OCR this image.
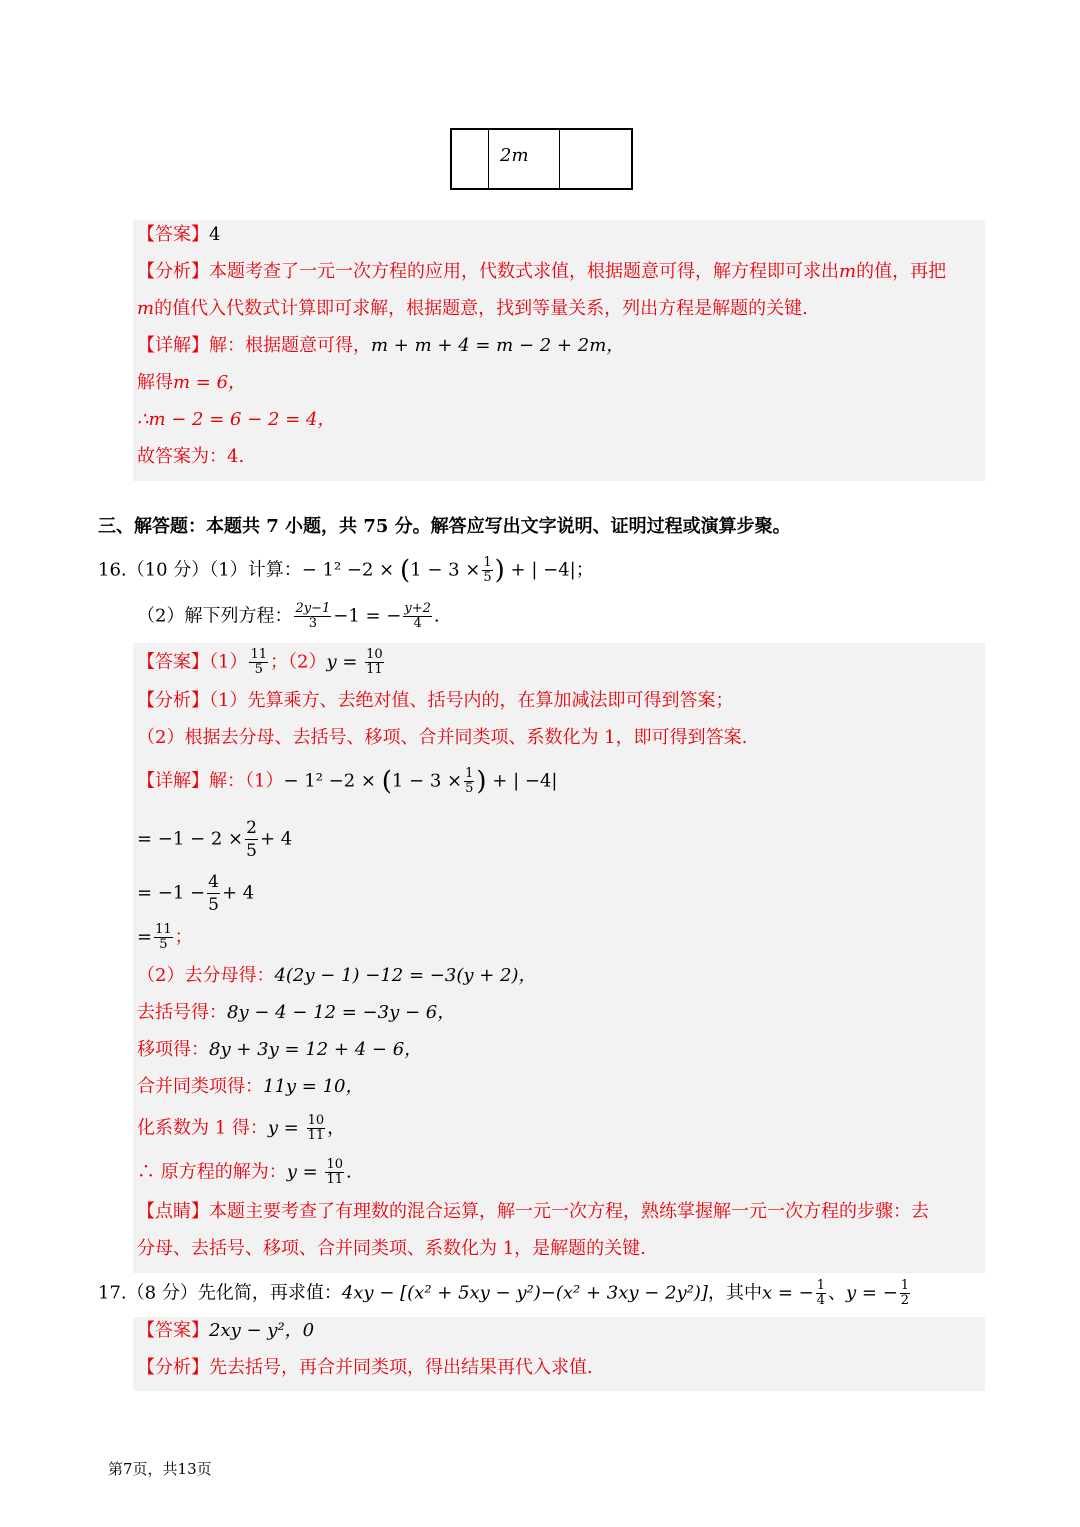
2m
【答案】4
【分析】本题考查了一元一次方程的应用，代数式求值，根据题意可得，解方程即可求出m的值，再把
m的值代入代数式计算即可求解，根据题意，找到等量关系，列出方程是解题的关键.
【详解】解：根据题意可得，m + m + 4 = m − 2 + 2m，
解得m = 6，
∴m − 2 = 6 − 2 = 4，
故答案为：4.
三、解答题：本题共 7 小题，共 75 分。解答应写出文字说明、证明过程或演算步聚。
16.（10 分）（1）计算：− $1^2 -2 \times (1 - 3 \times \frac{1}{5}$ ) + | −4|；
（2）解下列方程： $\frac{2y-1}{3} -1$ = − $\frac{y+2}{4}$ .
【答案】$(1) \frac{11}{5}$ ；$(2)y = \frac{10}{11}$
【分析】（1）先算乘方、去绝对值、括号内的，在算加减法即可得到答案；
（2）根据去分母、去括号、移项、合并同类项、系数化为 1，即可得到答案.
【详解】解：$(1)- 1^2 -2 \times (1 - 3 \times \frac{1}{5}$ ) + | −4|
= $-1 - 2 \times \frac{2}{5} + 4$
= $-1 - \frac{4}{5} + 4$
= $\frac{11}{5}$ ；
（2）去分母得：4(2y − 1) −12 = −3(y + 2)，
去括号得：8y − 4 − 12 = −3y − 6，
移项得：8y + 3y = 12 + 4 − 6，
合并同类项得：11y = 10，
化系数为 1 得：$y = \frac{10}{11}$ ，
∴ 原方程的解为：$y = \frac{10}{11}$ .
【点睛】本题主要考查了有理数的混合运算，解一元一次方程，熟练掌握解一元一次方程的步骤：去
分母、去括号、移项、合并同类项、系数化为 1，是解题的关键.
17.（8 分）先化简，再求值：4xy − [(x² + 5xy − y²)−(x² + 3xy − 2y²)]，其中x = − $\frac{1}{4}$ 、y = − $\frac{1}{2}$
【答案】2xy − y²，0
【分析】先去括号，再合并同类项，得出结果再代入求值.
第7页，共13页
